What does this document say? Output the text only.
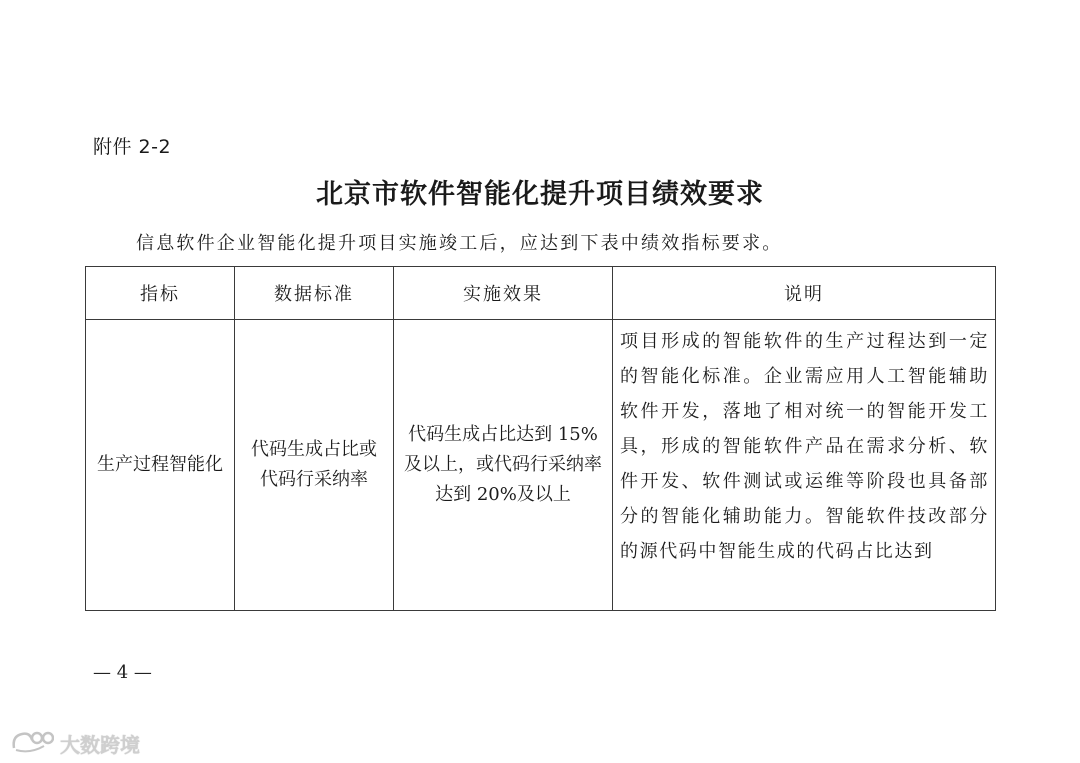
附件 2-2
北京市软件智能化提升项目绩效要求
信息软件企业智能化提升项目实施竣工后，应达到下表中绩效指标要求。
指标	数据标准	实施效果	说明
生产过程智能化	代码生成占比或代码行采纳率	代码生成占比达到 15%及以上，或代码行采纳率达到 20%及以上	项目形成的智能软件的生产过程达到一定的智能化标准。企业需应用人工智能辅助软件开发，落地了相对统一的智能开发工具，形成的智能软件产品在需求分析、软件开发、软件测试或运维等阶段也具备部分的智能化辅助能力。智能软件技改部分的源代码中智能生成的代码占比达到
— 4 —
大数跨境
